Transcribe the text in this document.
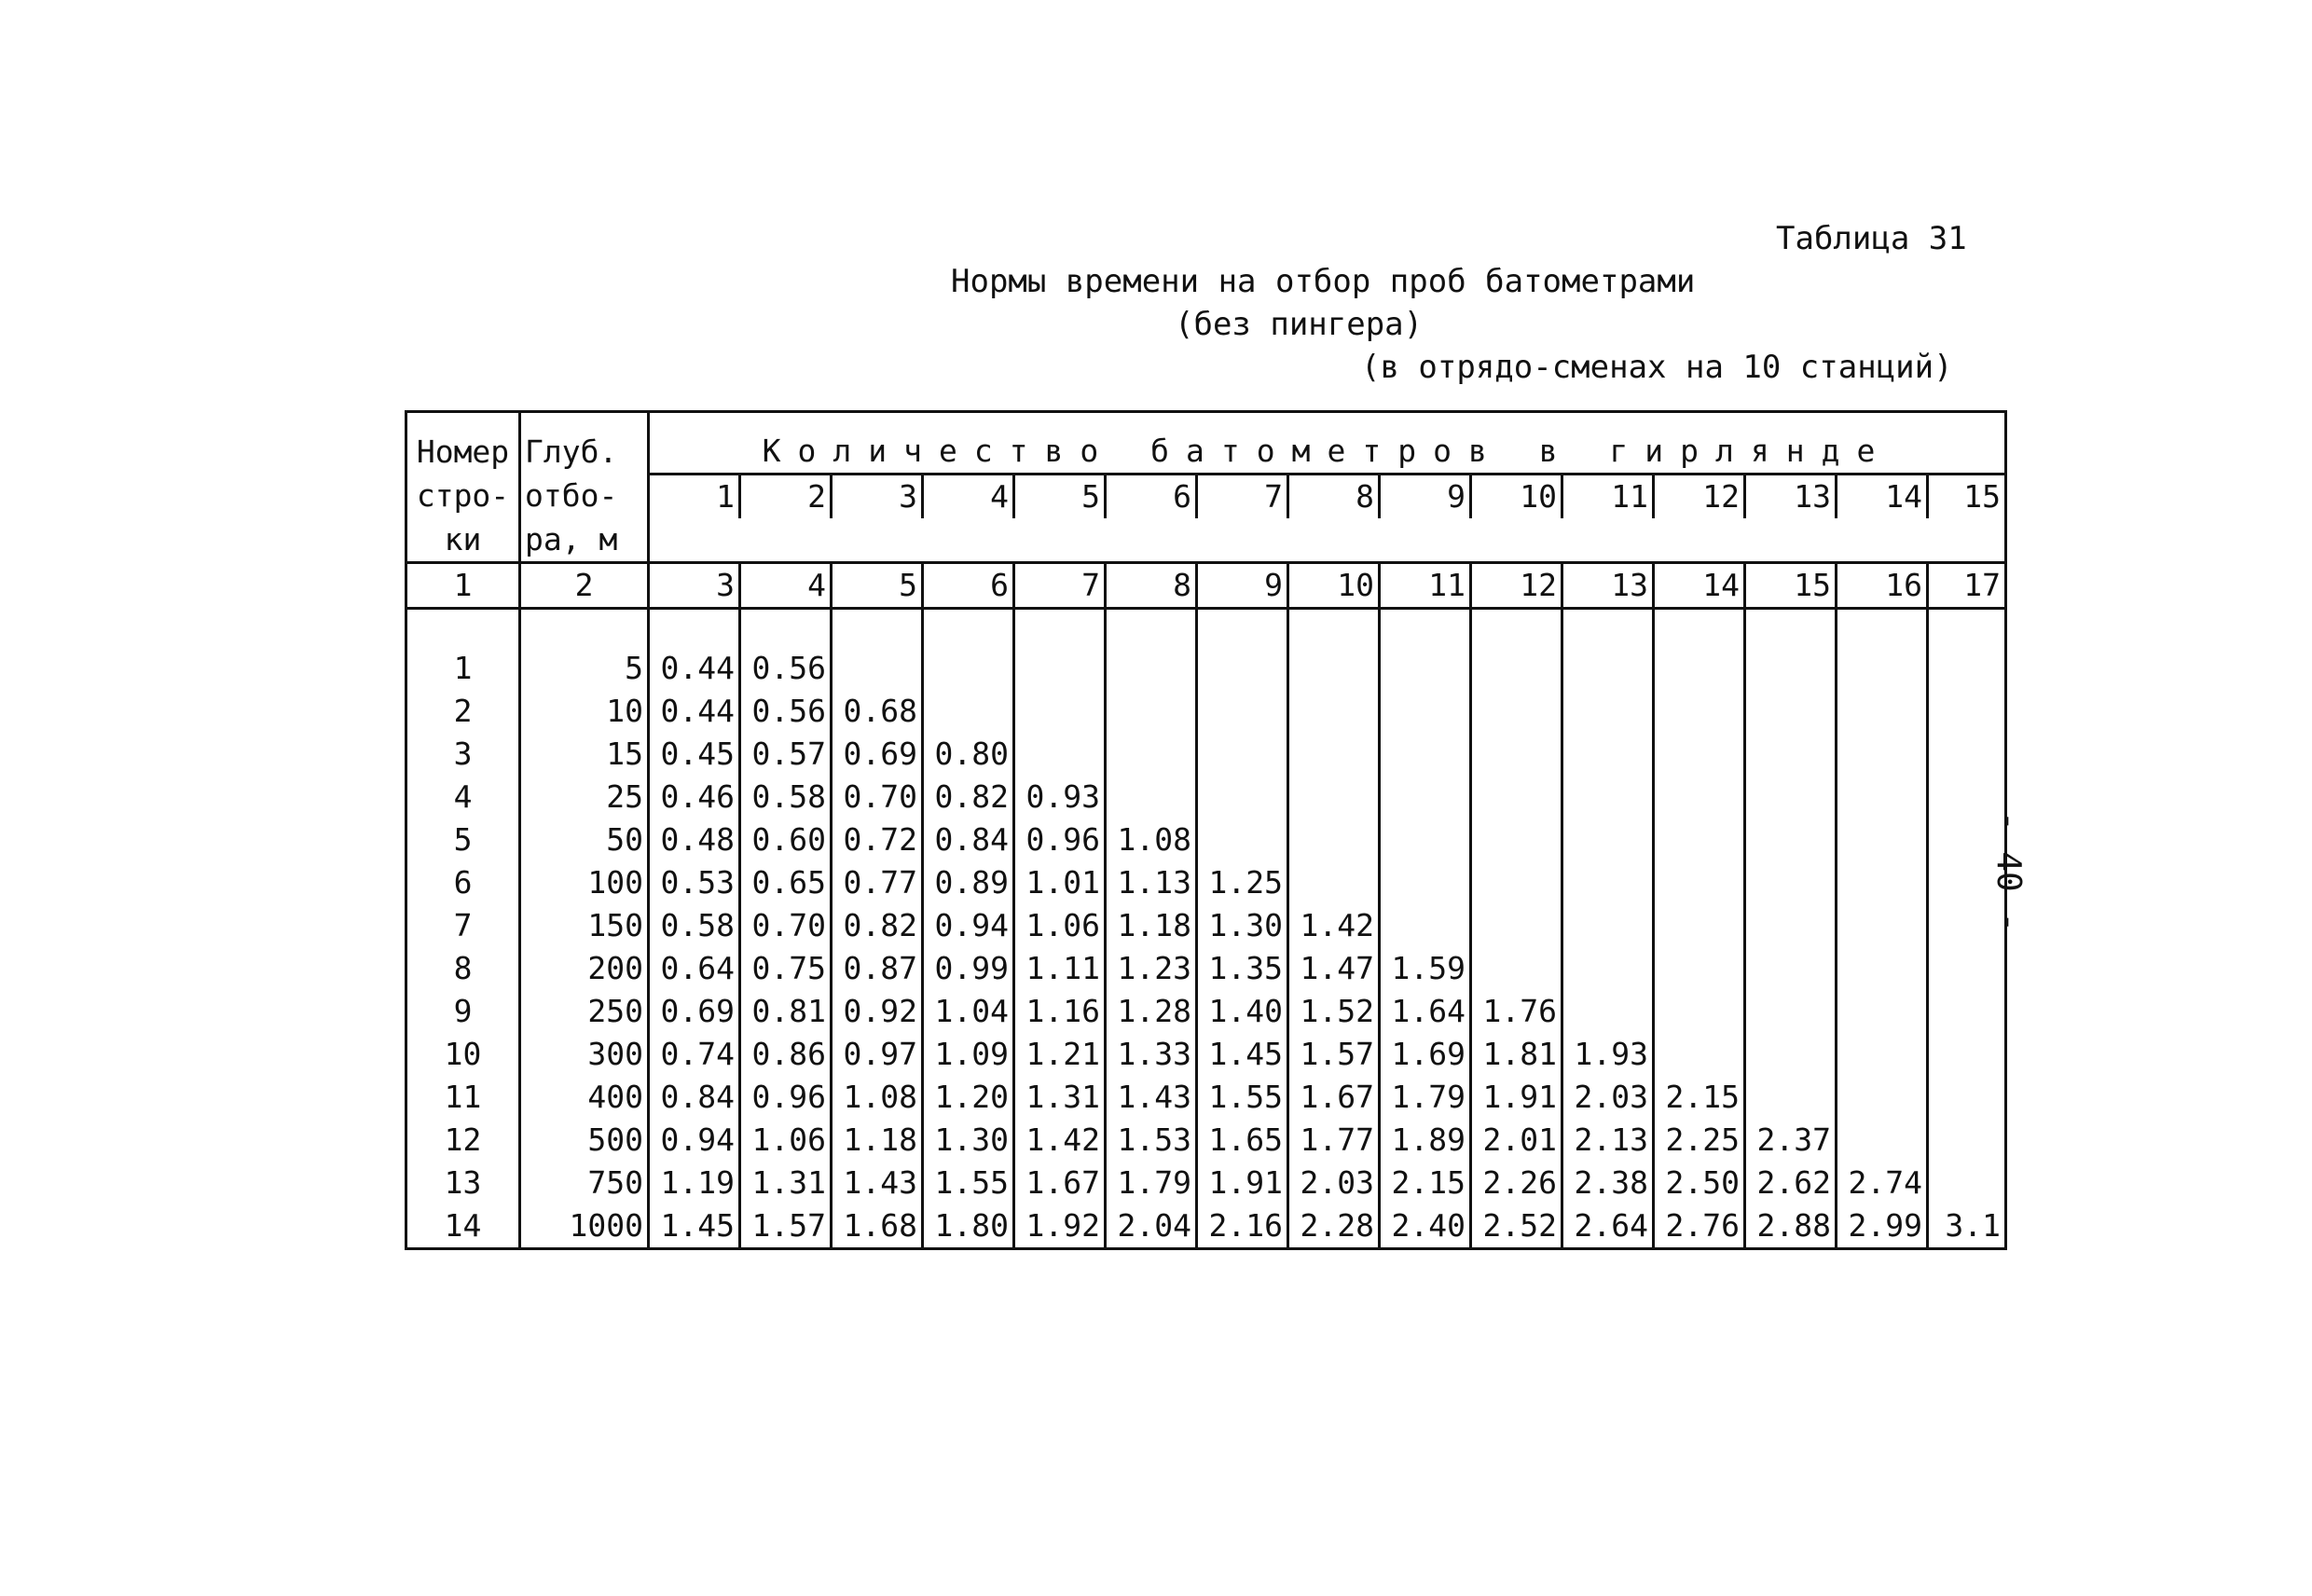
Таблица 31
Нормы времени на отбор проб батометрами
(без пингера)
(в отрядо-сменах на 10 станций)

Номер	Глуб.	Количество батометров в гирлянде														
стро-	отбо-	1	2	3	4	5	6	7	8	9	10	11	12	13	14	15
ки	ра, м															
1	2	3	4	5	6	7	8	9	10	11	12	13	14	15	16	17

1	5	0.44	0.56													
2	10	0.44	0.56	0.68												
3	15	0.45	0.57	0.69	0.80											
4	25	0.46	0.58	0.70	0.82	0.93										
5	50	0.48	0.60	0.72	0.84	0.96	1.08									
6	100	0.53	0.65	0.77	0.89	1.01	1.13	1.25								
7	150	0.58	0.70	0.82	0.94	1.06	1.18	1.30	1.42							
8	200	0.64	0.75	0.87	0.99	1.11	1.23	1.35	1.47	1.59						
9	250	0.69	0.81	0.92	1.04	1.16	1.28	1.40	1.52	1.64	1.76					
10	300	0.74	0.86	0.97	1.09	1.21	1.33	1.45	1.57	1.69	1.81	1.93				
11	400	0.84	0.96	1.08	1.20	1.31	1.43	1.55	1.67	1.79	1.91	2.03	2.15			
12	500	0.94	1.06	1.18	1.30	1.42	1.53	1.65	1.77	1.89	2.01	2.13	2.25	2.37		
13	750	1.19	1.31	1.43	1.55	1.67	1.79	1.91	2.03	2.15	2.26	2.38	2.50	2.62	2.74	
14	1000	1.45	1.57	1.68	1.80	1.92	2.04	2.16	2.28	2.40	2.52	2.64	2.76	2.88	2.99	3.1
- 40 -
